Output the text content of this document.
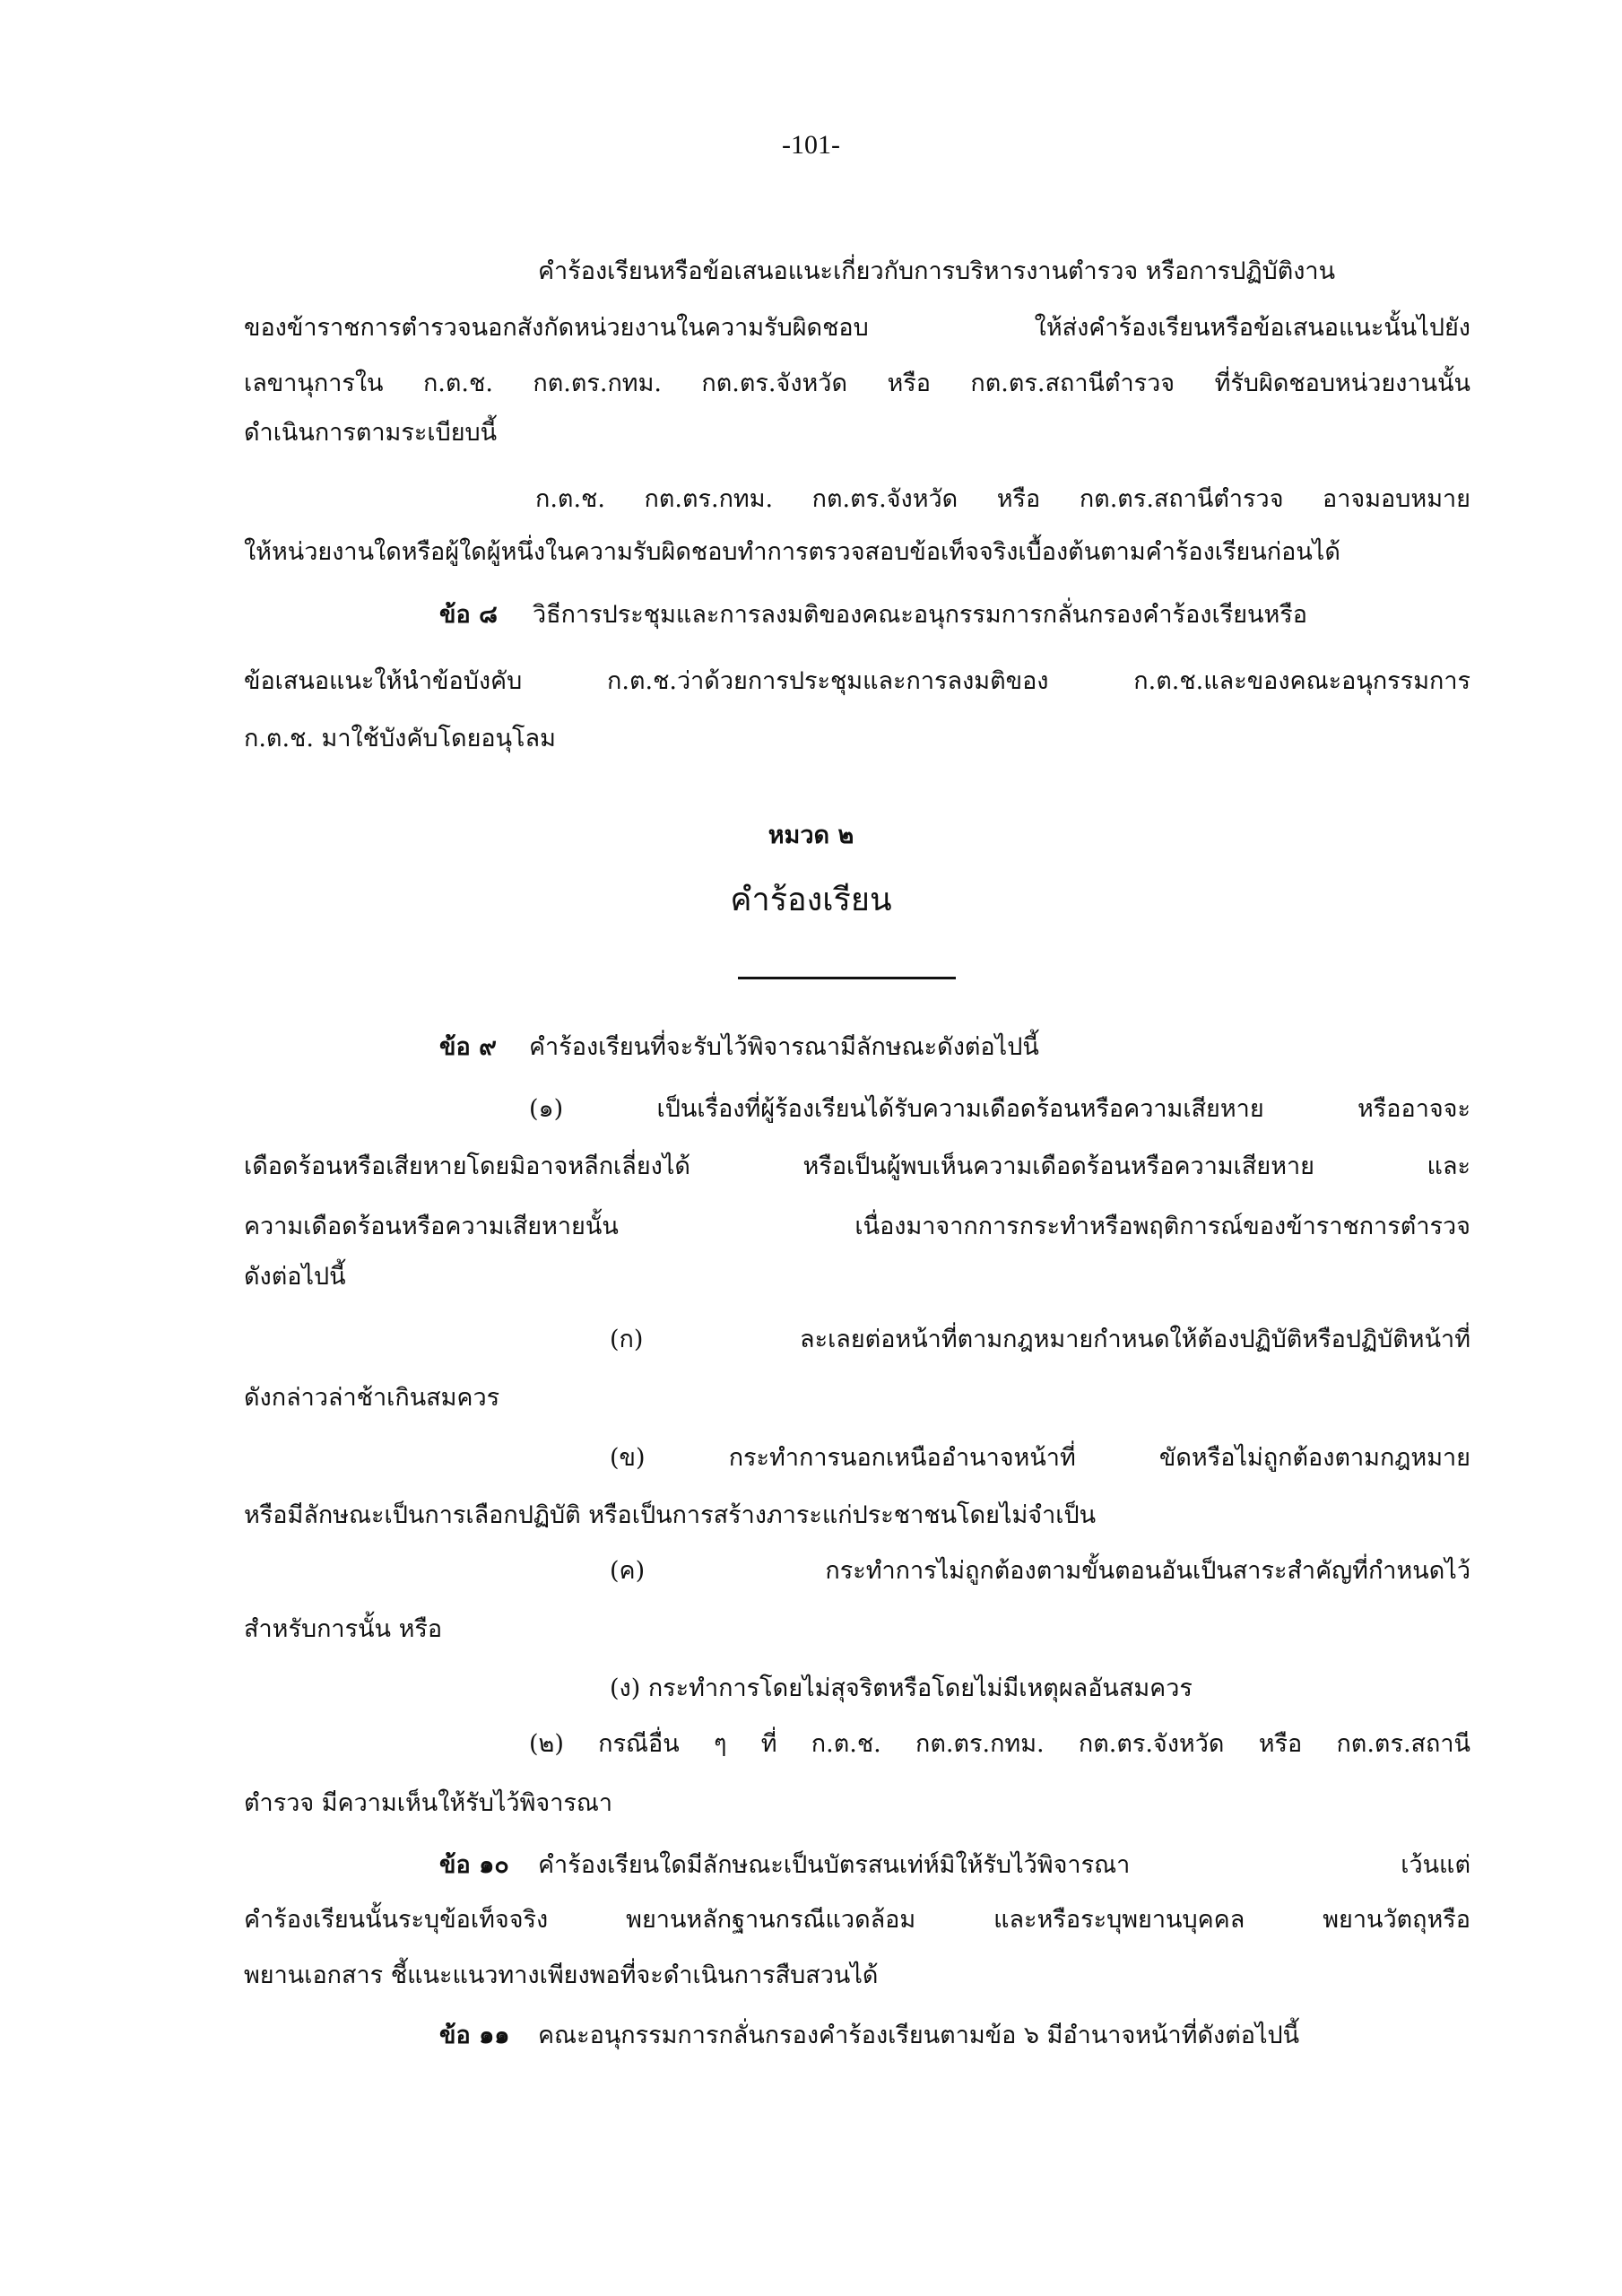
-101-
คำร้องเรียนหรือข้อเสนอแนะเกี่ยวกับการบริหารงานตำรวจ หรือการปฏิบัติงาน
ของข้าราชการตำรวจนอกสังกัดหน่วยงานในความรับผิดชอบ ให้ส่งคำร้องเรียนหรือข้อเสนอแนะนั้นไปยัง
เลขานุการใน ก.ต.ช. กต.ตร.กทม. กต.ตร.จังหวัด หรือ กต.ตร.สถานีตำรวจ ที่รับผิดชอบหน่วยงานนั้น
ดำเนินการตามระเบียบนี้
ก.ต.ช. กต.ตร.กทม. กต.ตร.จังหวัด หรือ กต.ตร.สถานีตำรวจ อาจมอบหมาย
ให้หน่วยงานใดหรือผู้ใดผู้หนึ่งในความรับผิดชอบทำการตรวจสอบข้อเท็จจริงเบื้องต้นตามคำร้องเรียนก่อนได้
ข้อ ๘	วิธีการประชุมและการลงมติของคณะอนุกรรมการกลั่นกรองคำร้องเรียนหรือ
ข้อเสนอแนะให้นำข้อบังคับ ก.ต.ช.ว่าด้วยการประชุมและการลงมติของ ก.ต.ช.และของคณะอนุกรรมการ
ก.ต.ช. มาใช้บังคับโดยอนุโลม
หมวด ๒
คำร้องเรียน
ข้อ ๙	คำร้องเรียนที่จะรับไว้พิจารณามีลักษณะดังต่อไปนี้
(๑) เป็นเรื่องที่ผู้ร้องเรียนได้รับความเดือดร้อนหรือความเสียหาย หรืออาจจะ
เดือดร้อนหรือเสียหายโดยมิอาจหลีกเลี่ยงได้ หรือเป็นผู้พบเห็นความเดือดร้อนหรือความเสียหาย และ
ความเดือดร้อนหรือความเสียหายนั้น เนื่องมาจากการกระทำหรือพฤติการณ์ของข้าราชการตำรวจ
ดังต่อไปนี้
(ก) ละเลยต่อหน้าที่ตามกฎหมายกำหนดให้ต้องปฏิบัติหรือปฏิบัติหน้าที่
ดังกล่าวล่าช้าเกินสมควร
(ข) กระทำการนอกเหนืออำนาจหน้าที่ ขัดหรือไม่ถูกต้องตามกฎหมาย
หรือมีลักษณะเป็นการเลือกปฏิบัติ หรือเป็นการสร้างภาระแก่ประชาชนโดยไม่จำเป็น
(ค) กระทำการไม่ถูกต้องตามขั้นตอนอันเป็นสาระสำคัญที่กำหนดไว้
สำหรับการนั้น หรือ
(ง) กระทำการโดยไม่สุจริตหรือโดยไม่มีเหตุผลอันสมควร
(๒) กรณีอื่น ๆ ที่ ก.ต.ช. กต.ตร.กทม. กต.ตร.จังหวัด หรือ กต.ตร.สถานี
ตำรวจ มีความเห็นให้รับไว้พิจารณา
ข้อ ๑๐	คำร้องเรียนใดมีลักษณะเป็นบัตรสนเท่ห์มิให้รับไว้พิจารณา เว้นแต่
คำร้องเรียนนั้นระบุข้อเท็จจริง พยานหลักฐานกรณีแวดล้อม และหรือระบุพยานบุคคล พยานวัตถุหรือ
พยานเอกสาร ชี้แนะแนวทางเพียงพอที่จะดำเนินการสืบสวนได้
ข้อ ๑๑	คณะอนุกรรมการกลั่นกรองคำร้องเรียนตามข้อ ๖ มีอำนาจหน้าที่ดังต่อไปนี้
